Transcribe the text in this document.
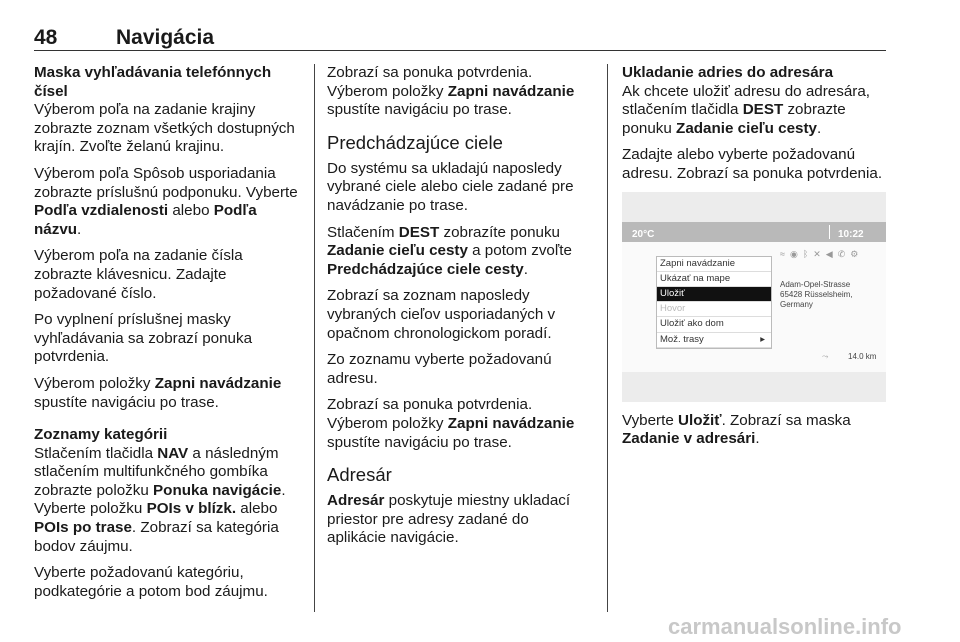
48	Navigácia
Maska vyhľadávania telefónnych čísel

Výberom poľa na zadanie krajiny zobrazte zoznam všetkých dostupných krajín. Zvoľte želanú krajinu.

Výberom poľa Spôsob usporiadania zobrazte príslušnú podponuku. Vyberte Podľa vzdialenosti alebo Podľa názvu.

Výberom poľa na zadanie čísla zobrazte klávesnicu. Zadajte požadované číslo.

Po vyplnení príslušnej masky vyhľadávania sa zobrazí ponuka potvrdenia.

Výberom položky Zapni navádzanie spustíte navigáciu po trase.

Zoznamy kategórii

Stlačením tlačidla NAV a následným stlačením multifunkčného gombíka zobrazte položku Ponuka navigácie. Vyberte položku POIs v blízk. alebo POIs po trase. Zobrazí sa kategória bodov záujmu.

Vyberte požadovanú kategóriu, podkategórie a potom bod záujmu.

Zobrazí sa ponuka potvrdenia.

Výberom položky Zapni navádzanie spustíte navigáciu po trase.

Predchádzajúce ciele

Do systému sa ukladajú naposledy vybrané ciele alebo ciele zadané pre navádzanie po trase.

Stlačením DEST zobrazíte ponuku Zadanie cieľu cesty a potom zvoľte Predchádzajúce ciele cesty.

Zobrazí sa zoznam naposledy vybraných cieľov usporiadaných v opačnom chronologickom poradí.

Zo zoznamu vyberte požadovanú adresu.

Zobrazí sa ponuka potvrdenia.

Výberom položky Zapni navádzanie spustíte navigáciu po trase.

Adresár

Adresár poskytuje miestny ukladací priestor pre adresy zadané do aplikácie navigácie.

Ukladanie adries do adresára

Ak chcete uložiť adresu do adresára, stlačením tlačidla DEST zobrazte ponuku Zadanie cieľu cesty.

Zadajte alebo vyberte požadovanú adresu. Zobrazí sa ponuka potvrdenia.

20°C	10:22
≈◉ᛒ✕◀✆⚙
Zapni navádzanie
Ukázať na mape
Uložiť
Hovor
Uložiť ako dom
Mož. trasy	▸
Adam-Opel-Strasse
65428 Rüsselsheim, Germany
⤳ 14.0 km

Vyberte Uložiť. Zobrazí sa maska Zadanie v adresári.

carmanualsonline.info
